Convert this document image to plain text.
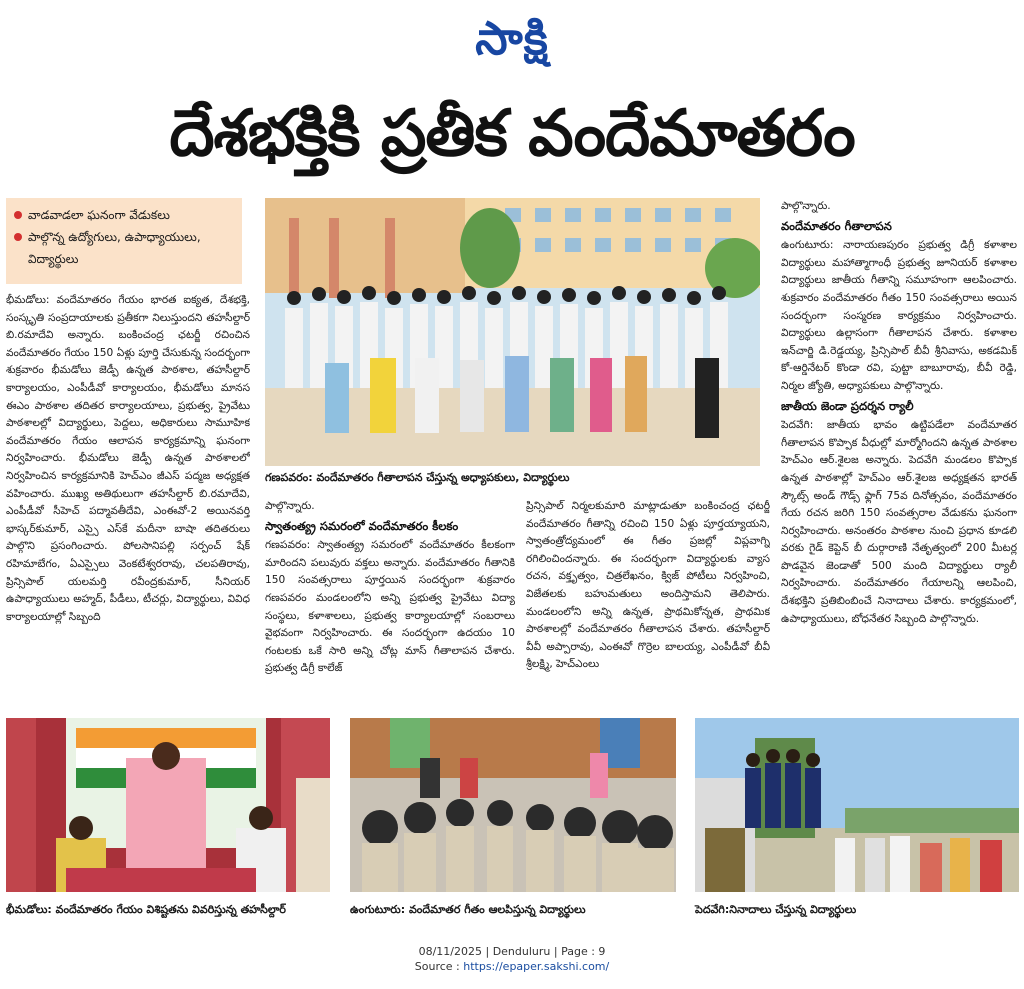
సాక్షి
దేశభక్తికి ప్రతీక వందేమాతరం
వాడవాడలా ఘనంగా వేడుకలు
పాల్గొన్న ఉద్యోగులు, ఉపాధ్యాయులు, విద్యార్థులు

భీమడోలు: వందేమాతరం గేయం భారత ఐక్యత, దేశభక్తి, సంస్కృతి సంప్రదాయాలకు ప్రతీకగా నిలుస్తుందని తహసీల్దార్ బి.రమాదేవి అన్నారు. బంకించంద్ర ఛటర్జీ రచించిన వందేమాతరం గేయం 150 ఏళ్లు పూర్తి చేసుకున్న సందర్భంగా శుక్రవారం భీమడోలు జెడ్పీ ఉన్నత పాఠశాల, తహసీల్దార్ కార్యాలయం, ఎంపీడీవో కార్యాలయం, భీమడోలు మానస ఈఎం పాఠశాల తదితర కార్యాలయాలు, ప్రభుత్వ, ప్రైవేటు పాఠశాలల్లో విద్యార్థులు, పెద్దలు, అధికారులు సామూహిక వందేమాతరం గేయం ఆలాపన కార్యక్రమాన్ని ఘనంగా నిర్వహించారు. భీమడోలు జెడ్పీ ఉన్నత పాఠశాలలో నిర్వహించిన కార్యక్రమానికి హెచ్ఎం జీఎస్ పద్మజ అధ్యక్షత వహించారు. ముఖ్య అతిథులుగా తహసీల్దార్ బి.రమాదేవి, ఎంపీడీవో సీహెచ్ పద్మావతీదేవి, ఎంఈవో-2 అయినవర్తి భాస్కర్‌కుమార్, ఎస్సై ఎస్‌కే మదీనా బాషా తదితరులు పాల్గొని ప్రసంగించారు. పోలసానిపల్లి సర్పంచ్ షేక్ రహిమాబేగం, ఏఎస్సైలు వెంకటేశ్వరరావు, చలపతిరావు, ప్రిన్సిపాల్ యలమర్తి రవీంద్రకుమార్, సీనియర్ ఉపాధ్యాయులు అహ్మద్, పీడీలు, టీచర్లు, విద్యార్థులు, వివిధ కార్యాలయాల్లో సిబ్బంది

గణపవరం: వందేమాతరం గీతాలాపన చేస్తున్న అధ్యాపకులు, విద్యార్థులు

పాల్గొన్నారు.

స్వాతంత్య్ర సమరంలో వందేమాతరం కీలకం

గణపవరం: స్వాతంత్య్ర సమరంలో వందేమాతరం కీలకంగా మారిందని పలువురు వక్తలు అన్నారు. వందేమాతరం గీతానికి 150 సంవత్సరాలు పూర్తయిన సందర్భంగా శుక్రవారం గణపవరం మండలంలోని అన్ని ప్రభుత్వ ప్రైవేటు విద్యా సంస్థలు, కళాశాలలు, ప్రభుత్వ కార్యాలయాల్లో సంబరాలు వైభవంగా నిర్వహించారు. ఈ సందర్భంగా ఉదయం 10 గంటలకు ఒకే సారి అన్ని చోట్ల మాస్ గీతాలాపన చేశారు. ప్రభుత్వ డిగ్రీ కాలేజ్

ప్రిన్సిపాల్ నిర్మలకుమారి మాట్లాడుతూ బంకించంద్ర ఛటర్జీ వందేమాతరం గీతాన్ని రచించి 150 ఏళ్లు పూర్తయ్యాయని, స్వాతంత్రోద్యమంలో ఈ గీతం ప్రజల్లో విప్లవాగ్ని రగిలించిందన్నారు. ఈ సందర్భంగా విద్యార్థులకు వ్యాస రచన, వక్తృత్వం, చిత్రలేఖనం, క్విజ్ పోటీలు నిర్వహించి, విజేతలకు బహుమతులు అందిస్తామని తెలిపారు. మండలంలోని అన్ని ఉన్నత, ప్రాథమికోన్నత, ప్రాథమిక పాఠశాలల్లో వందేమాతరం గీతాలాపన చేశారు. తహసీల్దార్ వీవీ అప్పారావు, ఎంఈవో గొర్రెల బాలయ్య, ఎంపీడీవో బీవీ శ్రీలక్ష్మి, హెచ్ఎంలు

పాల్గొన్నారు.

వందేమాతరం గీతాలాపన

ఉంగుటూరు: నారాయణపురం ప్రభుత్వ డిగ్రీ కళాశాల విద్యార్థులు మహాత్మాగాంధీ ప్రభుత్వ జూనియర్ కళాశాల విద్యార్థులు జాతీయ గీతాన్ని సమూహంగా ఆలపించారు. శుక్రవారం వందేమాతరం గీతం 150 సంవత్సరాలు అయిన సందర్భంగా సంస్మరణ కార్యక్రమం నిర్వహించారు. విద్యార్థులు ఉల్లాసంగా గీతాలాపన చేశారు. కళాశాల ఇన్‌చార్జి డి.రెడ్డయ్య, ప్రిన్సిపాల్ బీవీ శ్రీనివాసు, అకడమిక్ కో-ఆర్డినేటర్ కొండా రవి, పుట్టా బాబూరావు, బీవీ రెడ్డి, నిర్మల జ్యోతి, అధ్యాపకులు పాల్గొన్నారు.

జాతీయ జెండా ప్రదర్శన ర్యాలీ

పెదవేగి: జాతీయ భావం ఉట్టిపడేలా వందేమాతర గీతాలాపన కొప్పాక వీధుల్లో మార్మోగిందని ఉన్నత పాఠశాల హెచ్ఎం ఆర్.శైలజ అన్నారు. పెదవేగి మండలం కొప్పాక ఉన్నత పాఠశాల్లో హెచ్ఎం ఆర్.శైలజ అధ్యక్షతన భారత్ స్కౌట్స్ అండ్ గౌడ్స్ ఫ్లాగ్ 75వ దినోత్సవం, వందేమాతరం గేయ రచన జరిగి 150 సంవత్సరాల వేడుకను ఘనంగా నిర్వహించారు. అనంతరం పాఠశాల నుంచి ప్రధాన కూడలి వరకు గైడ్ కెప్టెన్ బీ దుర్గారాణి నేతృత్వంలో 200 మీటర్ల పొడవైన జెండాతో 500 మంది విద్యార్థులు ర్యాలీ నిర్వహించారు. వందేమాతరం గేయాలన్ని ఆలపించి, దేశభక్తిని ప్రతిబింబించే నినాదాలు చేశారు. కార్యక్రమంలో, ఉపాధ్యాయులు, బోధనేతర సిబ్బంది పాల్గొన్నారు.

భీమడోలు: వందేమాతరం గేయం విశిష్టతను వివరిస్తున్న తహసీల్దార్	ఉంగుటూరు: వందేమాతర గీతం ఆలపిస్తున్న విద్యార్థులు	పెదవేగి:నినాదాలు చేస్తున్న విద్యార్థులు
08/11/2025 | Denduluru | Page : 9
Source : https://epaper.sakshi.com/
